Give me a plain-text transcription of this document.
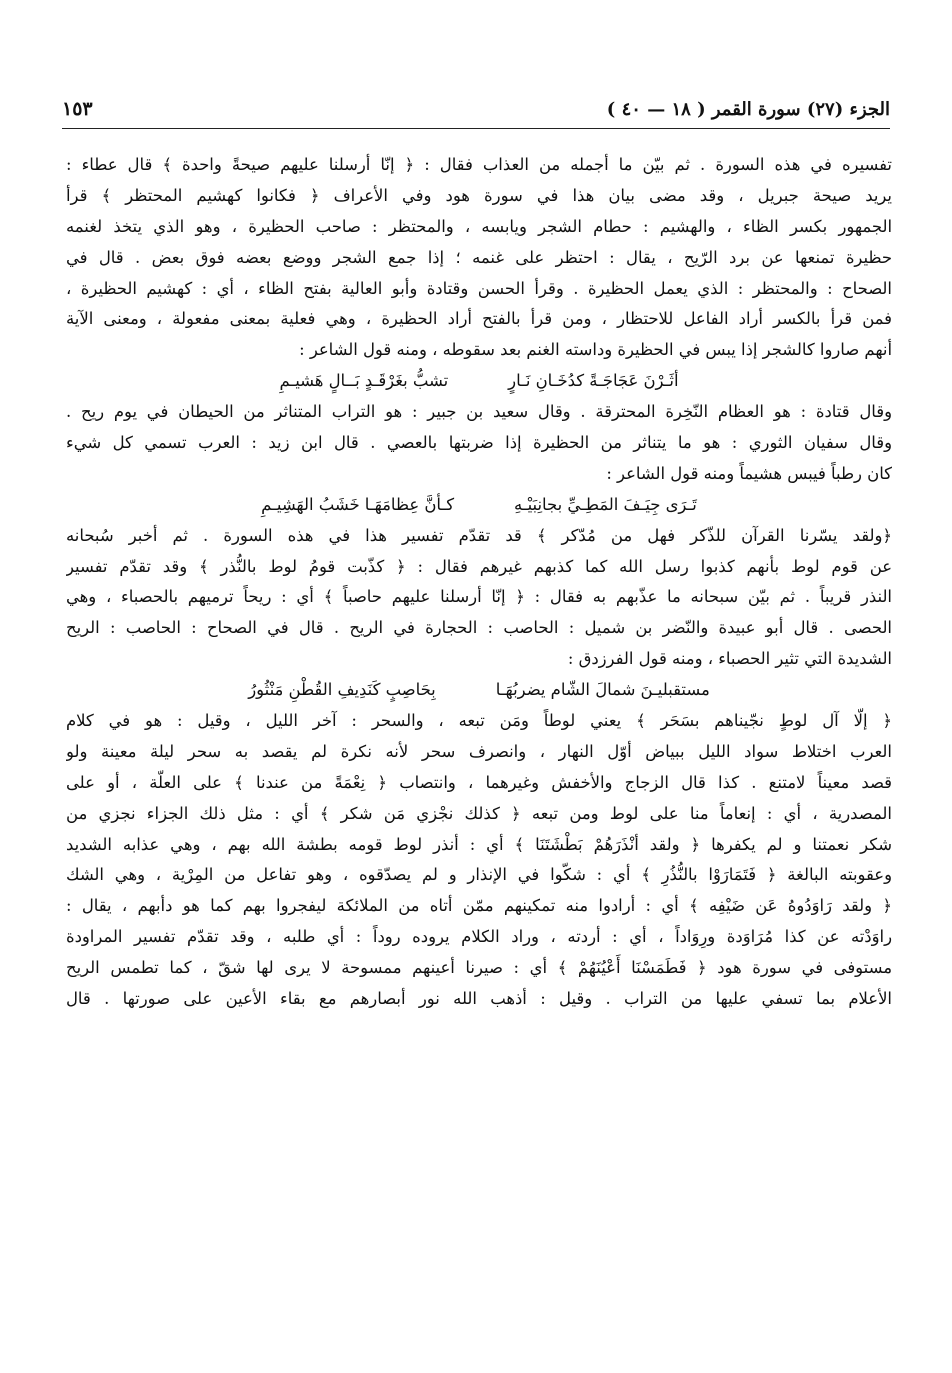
الجزء (٢٧) سورة القمر ( ١٨ — ٤٠ )
١٥٣
تفسيره في هذه السورة . ثم بيّن ما أجمله من العذاب فقال : ﴿ إنّا أرسلنا عليهم صيحةً واحدة ﴾ قال عطاء :
يريد صيحة جبريل ، وقد مضى بيان هذا في سورة هود وفي الأعراف ﴿ فكانوا كهشيم المحتظر ﴾ قرأ
الجمهور بكسر الظاء ، والهشيم : حطام الشجر ويابسه ، والمحتظر : صاحب الحظيرة ، وهو الذي يتخذ لغنمه
حظيرة تمنعها عن برد الرّيح ، يقال : احتظر على غنمه ؛ إذا جمع الشجر ووضع بعضه فوق بعض . قال في
الصحاح : والمحتظر : الذي يعمل الحظيرة . وقرأ الحسن وقتادة وأبو العالية بفتح الظاء ، أي : كهشيم الحظيرة ،
فمن قرأ بالكسر أراد الفاعل للاحتظار ، ومن قرأ بالفتح أراد الحظيرة ، وهي فعلية بمعنى مفعولة ، ومعنى الآية
أنهم صاروا كالشجر إذا يبس في الحظيرة وداسته الغنم بعد سقوطه ، ومنه قول الشاعر :
أثَـرْنَ عَجَاجَـةً كدُخَـانِ نَـارٍ
تشبُّ بغَرْقَـدٍ بَــالٍ هَشيـمِ
وقال قتادة : هو العظام النّخِرة المحترقة . وقال سعيد بن جبير : هو التراب المتناثر من الحيطان في يوم ريح .
وقال سفيان الثوري : هو ما يتناثر من الحظيرة إذا ضربتها بالعصي . قال ابن زيد : العرب تسمي كل شيء
كان رطباً فيبس هشيماً ومنه قول الشاعر :
تَـرَى جِيَـفَ المَطِـيِّ بجانِبَيْـهِ
كـأنَّ عِظامَهَـا خَشَبُ الهَشِيـمِ
﴿ولقد يسّرنا القرآن للذّكر فهل من مُدّكر ﴾ قد تقدّم تفسير هذا في هذه السورة . ثم أخبر سُبحانه
عن قوم لوط بأنهم كذبوا رسل الله كما كذبهم غيرهم فقال : ﴿ كذّبت قومُ لوط بالنُّذر ﴾ وقد تقدّم تفسير
النذر قريباً . ثم بيّن سبحانه ما عذّبهم به فقال : ﴿ إنّا أرسلنا عليهم حاصباً ﴾ أي : ريحاً ترميهم بالحصباء ، وهي
الحصى . قال أبو عبيدة والنّضر بن شميل : الحاصب : الحجارة في الريح . قال في الصحاح : الحاصب : الريح
الشديدة التي تثير الحصباء ، ومنه قول الفرزدق :
مستقبليـنَ شمالَ الشّام يضربُهَـا
بِحَاصِبٍ كَنَدِيفِ القُطْنِ مَنْثُورُ
﴿ إلّا آل لوطٍ نجّيناهم بسَحَر ﴾ يعني لوطاً ومَن تبعه ، والسحر : آخر الليل ، وقيل : هو في كلام
العرب اختلاط سواد الليل ببياض أوّل النهار ، وانصرف سحر لأنه نكرة لم يقصد به سحر ليلة معينة ولو
قصد معيناً لامتنع . كذا قال الزجاج والأخفش وغيرهما ، وانتصاب ﴿ نِعْمَةً من عندنا ﴾ على العلّة ، أو على
المصدرية ، أي : إنعاماً منا على لوط ومن تبعه ﴿ كذلك نجْزي مَن شكر ﴾ أي : مثل ذلك الجزاء نجزي من
شكر نعمتنا و لم يكفرها ﴿ ولقد أنْذَرَهُمْ بَطْشَتَنَا ﴾ أي : أنذر لوط قومه بطشة الله بهم ، وهي عذابه الشديد
وعقوبته البالغة ﴿ فَتَمَارَوْا بالنُّذُرِ ﴾ أي : شكّوا في الإنذار و لم يصدّقوه ، وهو تفاعل من المِرْية ، وهي الشك
﴿ ولقد رَاوَدُوهُ عَن ضَيْفِه ﴾ أي : أرادوا منه تمكينهم ممّن أتاه من الملائكة ليفجروا بهم كما هو دأبهم ، يقال :
راوَدْته عن كذا مُرَاوَدة ورِوَاداً ، أي : أردته ، وراد الكلام يروده روداً : أي طلبه ، وقد تقدّم تفسير المراودة
مستوفى في سورة هود ﴿ فَطَمَسْنَا أَعْيُنَهُمْ ﴾ أي : صيرنا أعينهم ممسوحة لا يرى لها شقّ ، كما تطمس الريح
الأعلام بما تسفي عليها من التراب . وقيل : أذهب الله نور أبصارهم مع بقاء الأعين على صورتها . قال
